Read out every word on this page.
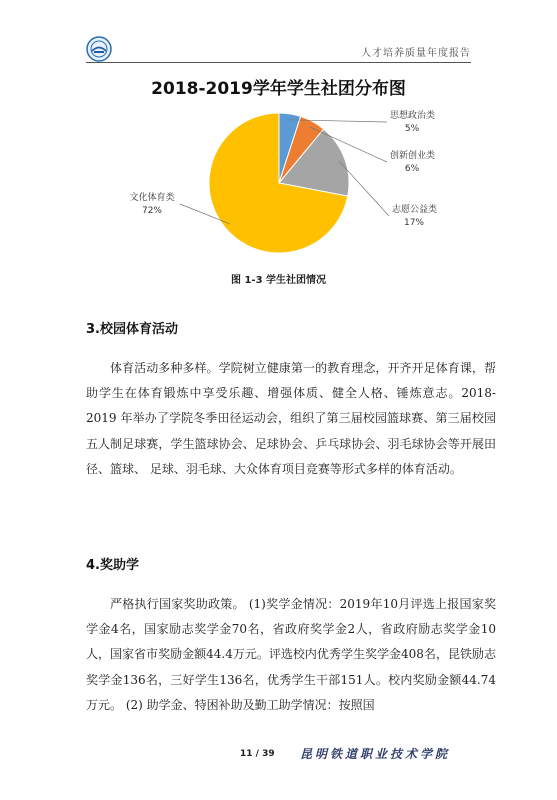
人才培养质量年度报告
2018-2019学年学生社团分布图
思想政治类
5%
创新创业类
6%
志愿公益类
17%
文化体育类
72%
图 1-3 学生社团情况
3.校园体育活动
体育活动多种多样。学院树立健康第一的教育理念，开齐开足体育课，帮助学生在体育锻炼中享受乐趣、增强体质、健全人格、锤炼意志。2018-2019 年举办了学院冬季田径运动会，组织了第三届校园篮球赛、第三届校园五人制足球赛，学生篮球协会、足球协会、乒乓球协会、羽毛球协会等开展田径、篮球、 足球、羽毛球、大众体育项目竞赛等形式多样的体育活动。
4.奖助学
严格执行国家奖助政策。 (1)奖学金情况：2019年10月评选上报国家奖学金4名，国家励志奖学金70名，省政府奖学金2人，省政府励志奖学金10人，国家省市奖励金额44.4万元。评选校内优秀学生奖学金408名，昆铁励志奖学金136名，三好学生136名，优秀学生干部151人。校内奖励金额44.74万元。 (2) 助学金、特困补助及勤工助学情况：按照国
11 / 39 昆明铁道职业技术学院
